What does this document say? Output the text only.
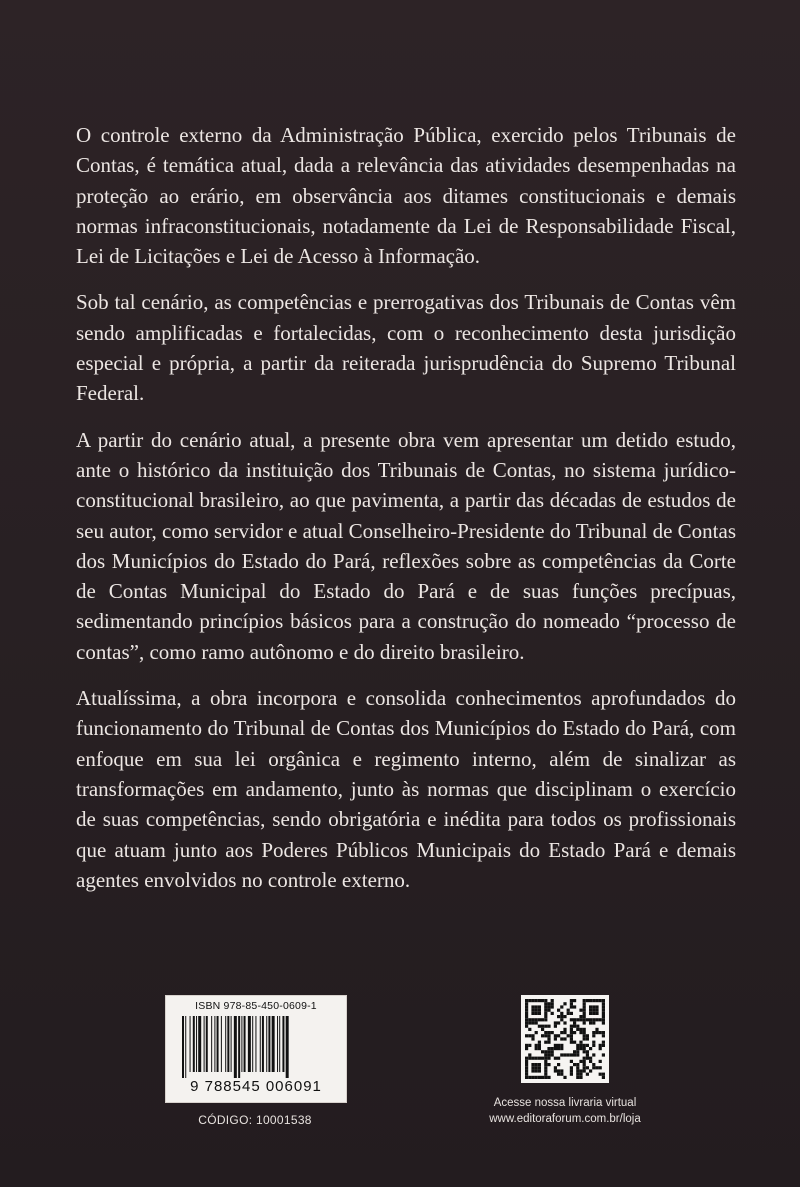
O controle externo da Administração Pública, exercido pelos Tribunais de Contas, é temática atual, dada a relevância das atividades desempenhadas na proteção ao erário, em observância aos ditames constitucionais e demais normas infraconstitucionais, notadamente da Lei de Responsabilidade Fiscal, Lei de Licitações e Lei de Acesso à Informação.

Sob tal cenário, as competências e prerrogativas dos Tribunais de Contas vêm sendo amplificadas e fortalecidas, com o reconhecimento desta jurisdição especial e própria, a partir da reiterada jurisprudência do Supremo Tribunal Federal.

A partir do cenário atual, a presente obra vem apresentar um detido estudo, ante o histórico da instituição dos Tribunais de Contas, no sistema jurídico-constitucional brasileiro, ao que pavimenta, a partir das décadas de estudos de seu autor, como servidor e atual Conselheiro-Presidente do Tribunal de Contas dos Municípios do Estado do Pará, reflexões sobre as competências da Corte de Contas Municipal do Estado do Pará e de suas funções precípuas, sedimentando princípios básicos para a construção do nomeado “processo de contas”, como ramo autônomo e do direito brasileiro.

Atualíssima, a obra incorpora e consolida conhecimentos aprofundados do funcionamento do Tribunal de Contas dos Municípios do Estado do Pará, com enfoque em sua lei orgânica e regimento interno, além de sinalizar as transformações em andamento, junto às normas que disciplinam o exercício de suas competências, sendo obrigatória e inédita para todos os profissionais que atuam junto aos Poderes Públicos Municipais do Estado Pará e demais agentes envolvidos no controle externo.

ISBN 978-85-450-0609-1
9 788545 006091
CÓDIGO: 10001538
Acesse nossa livraria virtual
www.editoraforum.com.br/loja
